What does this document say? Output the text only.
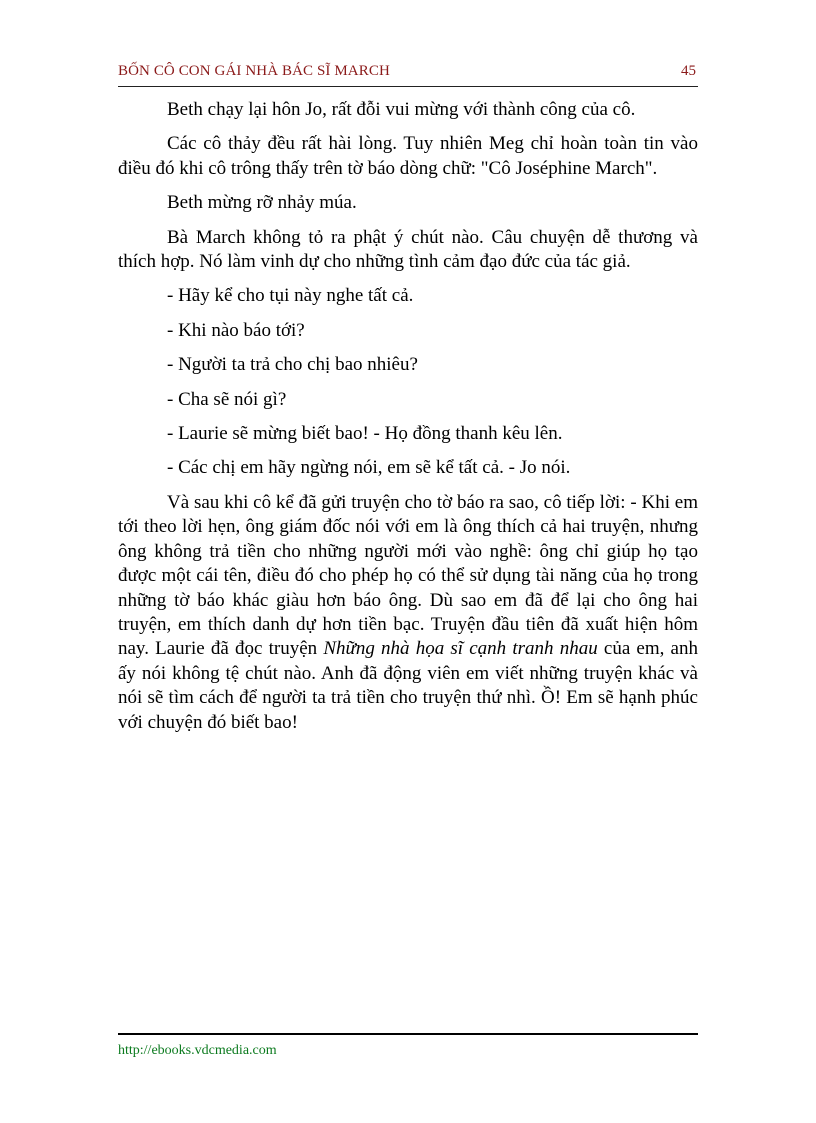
BỐN CÔ CON GÁI NHÀ BÁC SĨ MARCH	45

Beth chạy lại hôn Jo, rất đỗi vui mừng với thành công của cô.

Các cô thảy đều rất hài lòng. Tuy nhiên Meg chỉ hoàn toàn tin vào điều đó khi cô trông thấy trên tờ báo dòng chữ: "Cô Joséphine March".

Beth mừng rỡ nhảy múa.

Bà March không tỏ ra phật ý chút nào. Câu chuyện dễ thương và thích hợp. Nó làm vinh dự cho những tình cảm đạo đức của tác giả.

- Hãy kể cho tụi này nghe tất cả.

- Khi nào báo tới?

- Người ta trả cho chị bao nhiêu?

- Cha sẽ nói gì?

- Laurie sẽ mừng biết bao! - Họ đồng thanh kêu lên.

- Các chị em hãy ngừng nói, em sẽ kể tất cả. - Jo nói.

Và sau khi cô kể đã gửi truyện cho tờ báo ra sao, cô tiếp lời: - Khi em tới theo lời hẹn, ông giám đốc nói với em là ông thích cả hai truyện, nhưng ông không trả tiền cho những người mới vào nghề: ông chỉ giúp họ tạo được một cái tên, điều đó cho phép họ có thể sử dụng tài năng của họ trong những tờ báo khác giàu hơn báo ông. Dù sao em đã để lại cho ông hai truyện, em thích danh dự hơn tiền bạc. Truyện đầu tiên đã xuất hiện hôm nay. Laurie đã đọc truyện Những nhà họa sĩ cạnh tranh nhau của em, anh ấy nói không tệ chút nào. Anh đã động viên em viết những truyện khác và nói sẽ tìm cách để người ta trả tiền cho truyện thứ nhì. Ồ! Em sẽ hạnh phúc với chuyện đó biết bao!

http://ebooks.vdcmedia.com
